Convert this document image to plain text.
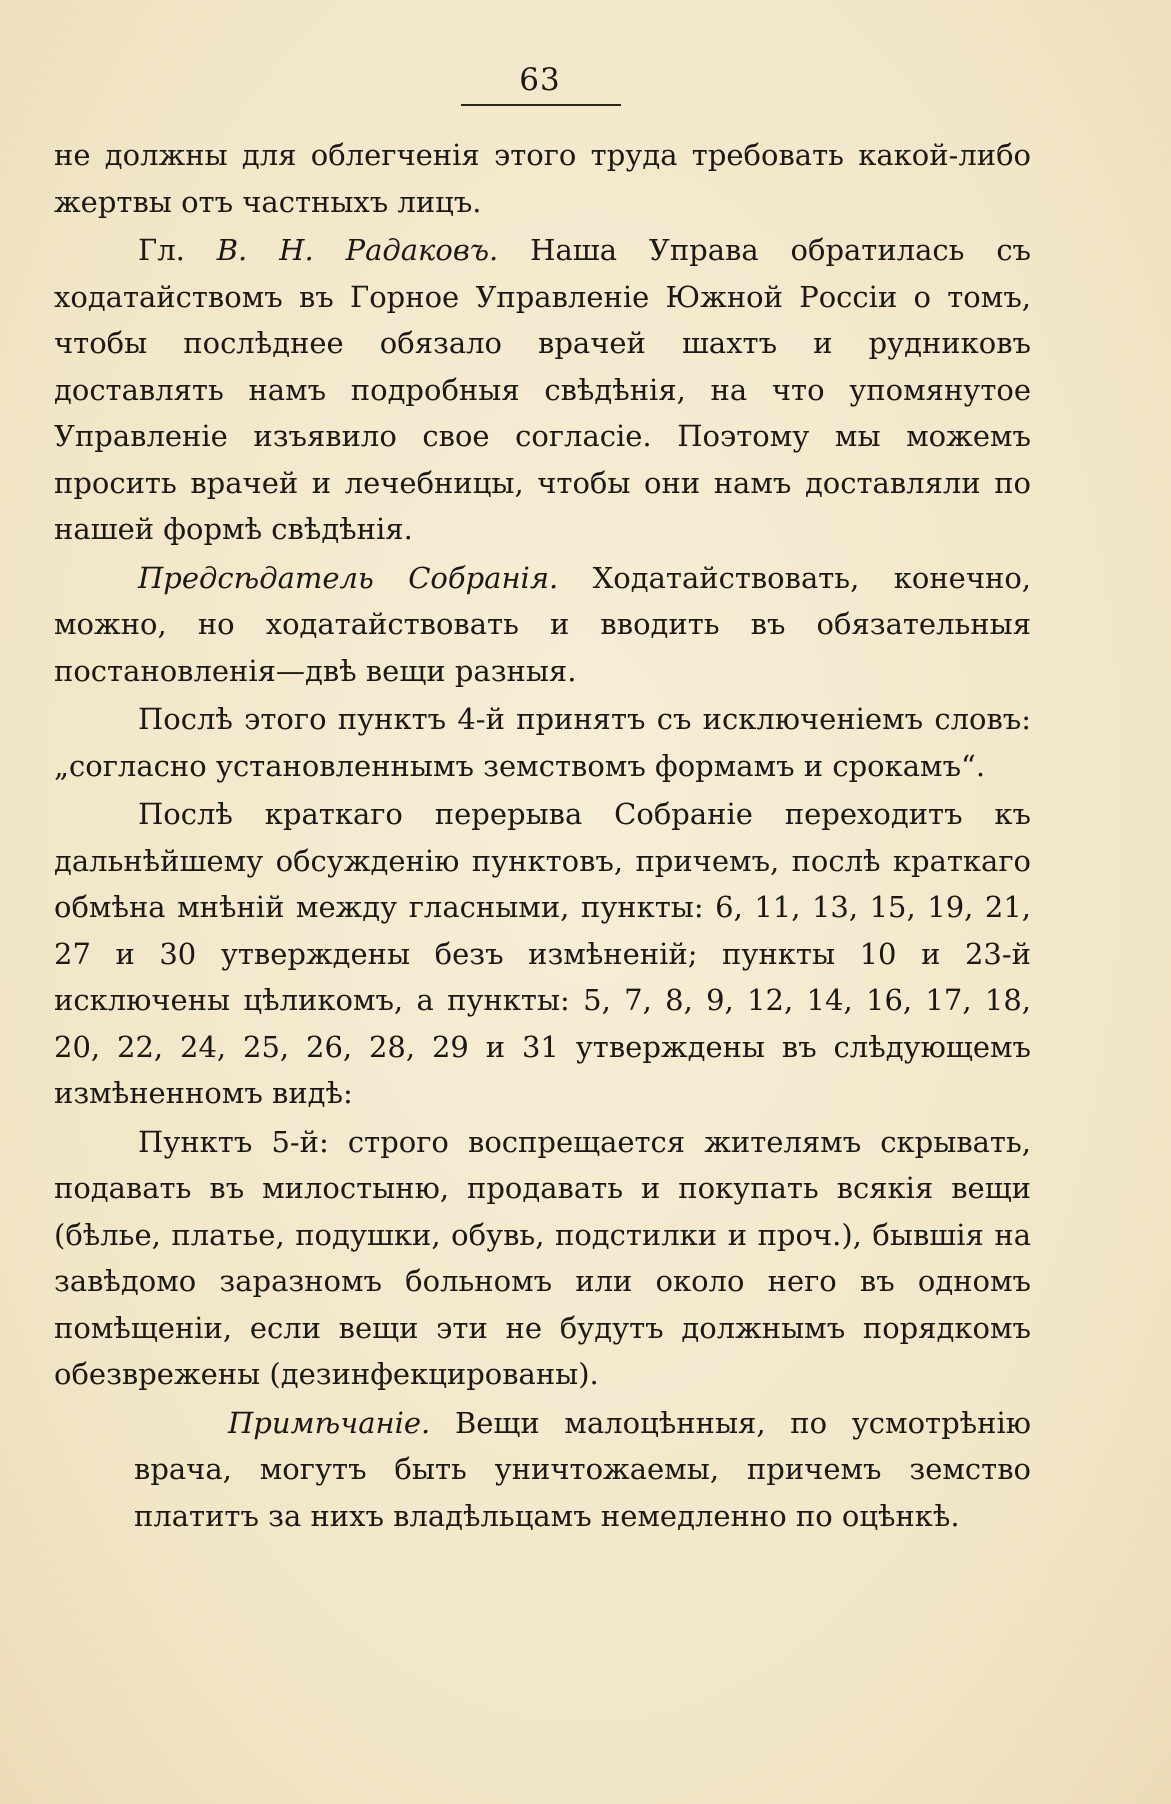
63

не должны для облегченія этого труда требовать какой-либо жертвы отъ частныхъ лицъ.

Гл. В. Н. Радаковъ. Наша Управа обратилась съ ходатайствомъ въ Горное Управленіе Южной Россіи о томъ, чтобы послѣднее обязало врачей шахтъ и рудниковъ доставлять намъ подробныя свѣдѣнія, на что упомянутое Управленіе изъявило свое согласіе. Поэтому мы можемъ просить врачей и лечебницы, чтобы они намъ доставляли по нашей формѣ свѣдѣнія.

Предсѣдатель Собранія. Ходатайствовать, конечно, можно, но ходатайствовать и вводить въ обязательныя постановленія—двѣ вещи разныя.

Послѣ этого пунктъ 4-й принятъ съ исключеніемъ словъ: „согласно установленнымъ земствомъ формамъ и срокамъ“.

Послѣ краткаго перерыва Собраніе переходитъ къ дальнѣйшему обсужденію пунктовъ, причемъ, послѣ краткаго обмѣна мнѣній между гласными, пункты: 6, 11, 13, 15, 19, 21, 27 и 30 утверждены безъ измѣненій; пункты 10 и 23-й исключены цѣликомъ, а пункты: 5, 7, 8, 9, 12, 14, 16, 17, 18, 20, 22, 24, 25, 26, 28, 29 и 31 утверждены въ слѣдующемъ измѣненномъ видѣ:

Пунктъ 5-й: строго воспрещается жителямъ скрывать, подавать въ милостыню, продавать и покупать всякія вещи (бѣлье, платье, подушки, обувь, подстилки и проч.), бывшія на завѣдомо заразномъ больномъ или около него въ одномъ помѣщеніи, если вещи эти не будутъ должнымъ порядкомъ обезврежены (дезинфекцированы).

Примѣчаніе. Вещи малоцѣнныя, по усмотрѣнію врача, могутъ быть уничтожаемы, причемъ земство платитъ за нихъ владѣльцамъ немедленно по оцѣнкѣ.
